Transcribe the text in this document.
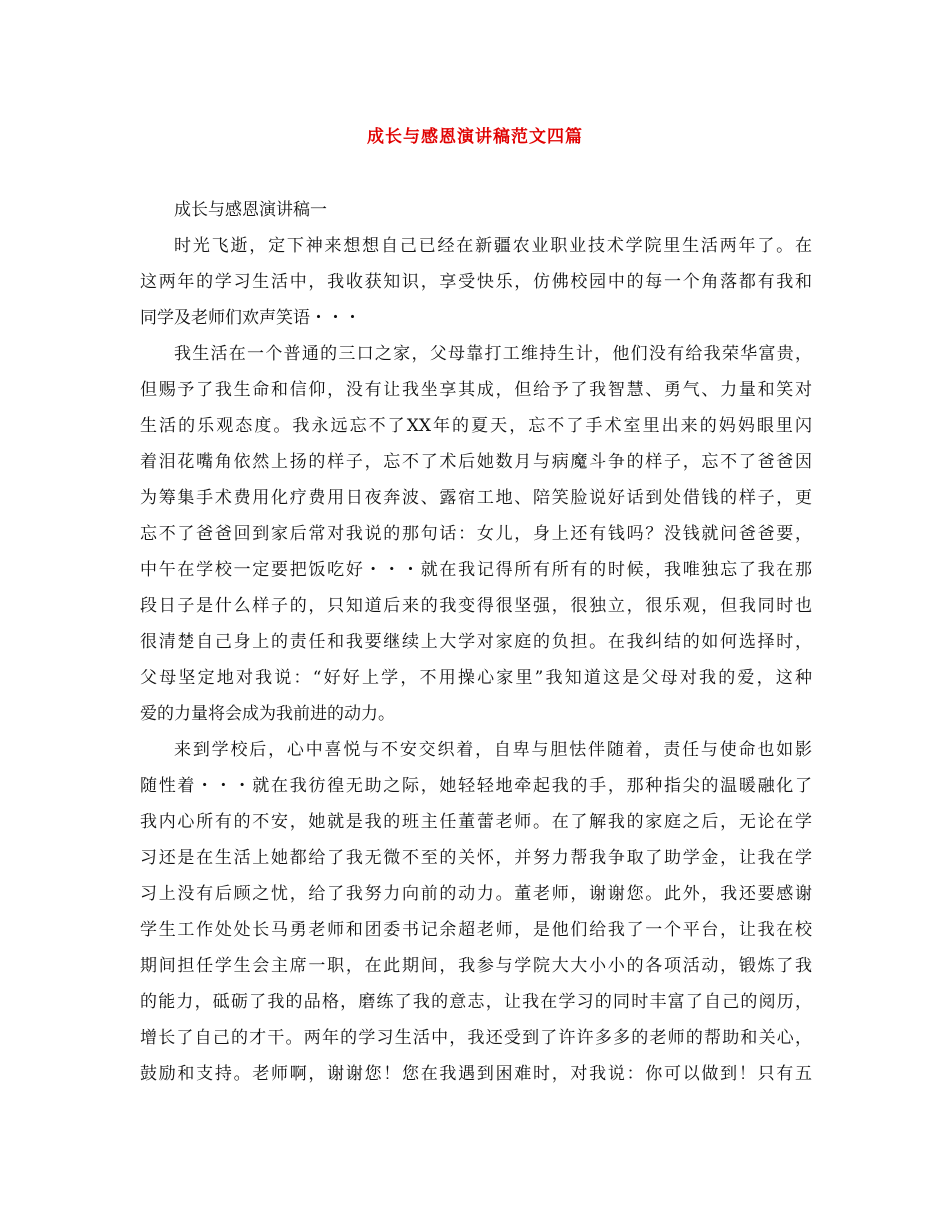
成长与感恩演讲稿范文四篇
成长与感恩演讲稿一
时光飞逝，定下神来想想自己已经在新疆农业职业技术学院里生活两年了。在
这两年的学习生活中，我收获知识，享受快乐，仿佛校园中的每一个角落都有我和
同学及老师们欢声笑语・・・
我生活在一个普通的三口之家，父母靠打工维持生计，他们没有给我荣华富贵，
但赐予了我生命和信仰，没有让我坐享其成，但给予了我智慧、勇气、力量和笑对
生活的乐观态度。我永远忘不了XX年的夏天，忘不了手术室里出来的妈妈眼里闪
着泪花嘴角依然上扬的样子，忘不了术后她数月与病魔斗争的样子，忘不了爸爸因
为筹集手术费用化疗费用日夜奔波、露宿工地、陪笑脸说好话到处借钱的样子，更
忘不了爸爸回到家后常对我说的那句话：女儿，身上还有钱吗？没钱就问爸爸要，
中午在学校一定要把饭吃好・・・就在我记得所有所有的时候，我唯独忘了我在那
段日子是什么样子的，只知道后来的我变得很坚强，很独立，很乐观，但我同时也
很清楚自己身上的责任和我要继续上大学对家庭的负担。在我纠结的如何选择时，
父母坚定地对我说：“好好上学，不用操心家里”我知道这是父母对我的爱，这种
爱的力量将会成为我前进的动力。
来到学校后，心中喜悦与不安交织着，自卑与胆怯伴随着，责任与使命也如影
随性着・・・就在我彷徨无助之际，她轻轻地牵起我的手，那种指尖的温暖融化了
我内心所有的不安，她就是我的班主任董蕾老师。在了解我的家庭之后，无论在学
习还是在生活上她都给了我无微不至的关怀，并努力帮我争取了助学金，让我在学
习上没有后顾之忧，给了我努力向前的动力。董老师，谢谢您。此外，我还要感谢
学生工作处处长马勇老师和团委书记余超老师，是他们给我了一个平台，让我在校
期间担任学生会主席一职，在此期间，我参与学院大大小小的各项活动，锻炼了我
的能力，砥砺了我的品格，磨练了我的意志，让我在学习的同时丰富了自己的阅历，
增长了自己的才干。两年的学习生活中，我还受到了许许多多的老师的帮助和关心，
鼓励和支持。老师啊，谢谢您！您在我遇到困难时，对我说：你可以做到！只有五
